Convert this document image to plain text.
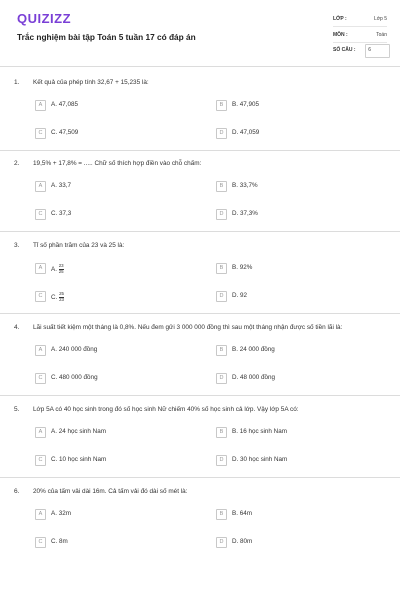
QUIZIZZ
Trắc nghiệm bài tập Toán 5 tuần 17 có đáp án
LỚP :	Lớp 5
MÔN :	Toán
SỐ CÂU :	6
1. Kết quả của phép tính 32,67 + 15,235 là:
A	A. 47,085	B	B. 47,905
C	C. 47,509	D	D. 47,059
2. 19,5% + 17,8% = ..... Chữ số thích hợp điền vào chỗ chấm:
A	A. 33,7	B	B. 33,7%
C	C. 37,3	D	D. 37,3%
3. Tỉ số phần trăm của 23 và 25 là:
A	A. $\frac{23}{25}$	B	B. 92%
C	C. $\frac{25}{23}$	D	D. 92
4. Lãi suất tiết kiệm một tháng là 0,8%. Nếu đem gửi 3 000 000 đồng thì sau một tháng nhận được số tiền lãi là:
A	A. 240 000 đồng	B	B. 24 000 đồng
C	C. 480 000 đồng	D	D. 48 000 đồng
5. Lớp 5A có 40 học sinh trong đó số học sinh Nữ chiếm 40% số học sinh cả lớp. Vậy lớp 5A có:
A	A. 24 học sinh Nam	B	B. 16 học sinh Nam
C	C. 10 học sinh Nam	D	D. 30 học sinh Nam
6. 20% của tấm vải dài 16m. Cả tấm vải đó dài số mét là:
A	A. 32m	B	B. 64m
C	C. 8m	D	D. 80m
